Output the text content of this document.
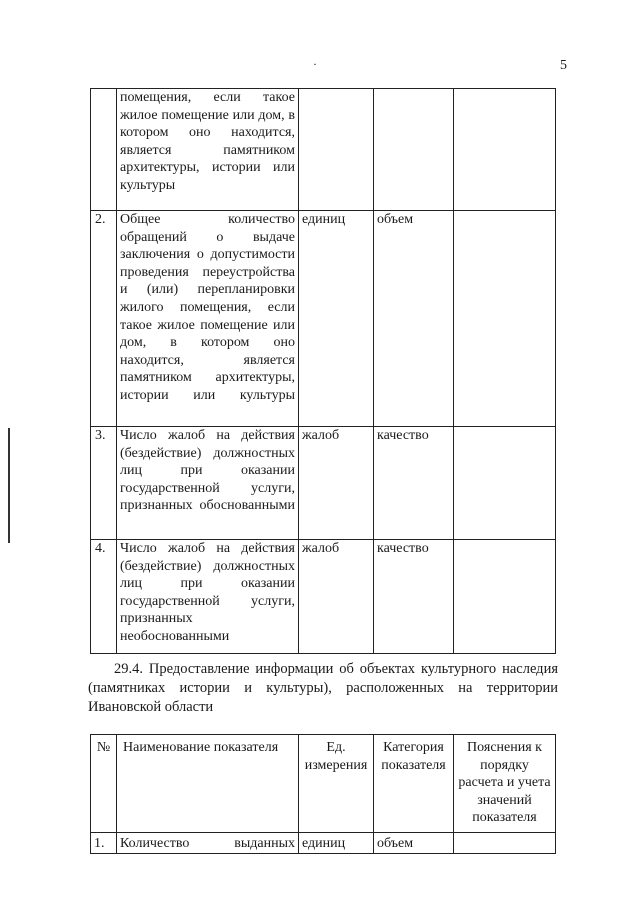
5
·
	помещения, если такое жилое помещение или дом, в котором оно находится, является памятником архитектуры, истории или культуры			
2.	Общее количество обращений о выдаче заключения о допустимости проведения переустройства и (или) перепланировки жилого помещения, если такое жилое помещение или дом, в котором оно находится, является памятником архитектуры, истории или культуры	единиц	объем	
3.	Число жалоб на действия (бездействие) должностных лиц при оказании государственной услуги, признанных обоснованными	жалоб	качество	
4.	Число жалоб на действия (бездействие) должностных лиц при оказании государственной услуги, признанных необоснованными	жалоб	качество	

29.4. Предоставление информации об объектах культурного наследия (памятниках истории и культуры), расположенных на территории Ивановской области

№	Наименование показателя	Ед. измерения	Категория показателя	Пояснения к порядку расчета и учета значений показателя
1.	Количество выданных	единиц	объем	
